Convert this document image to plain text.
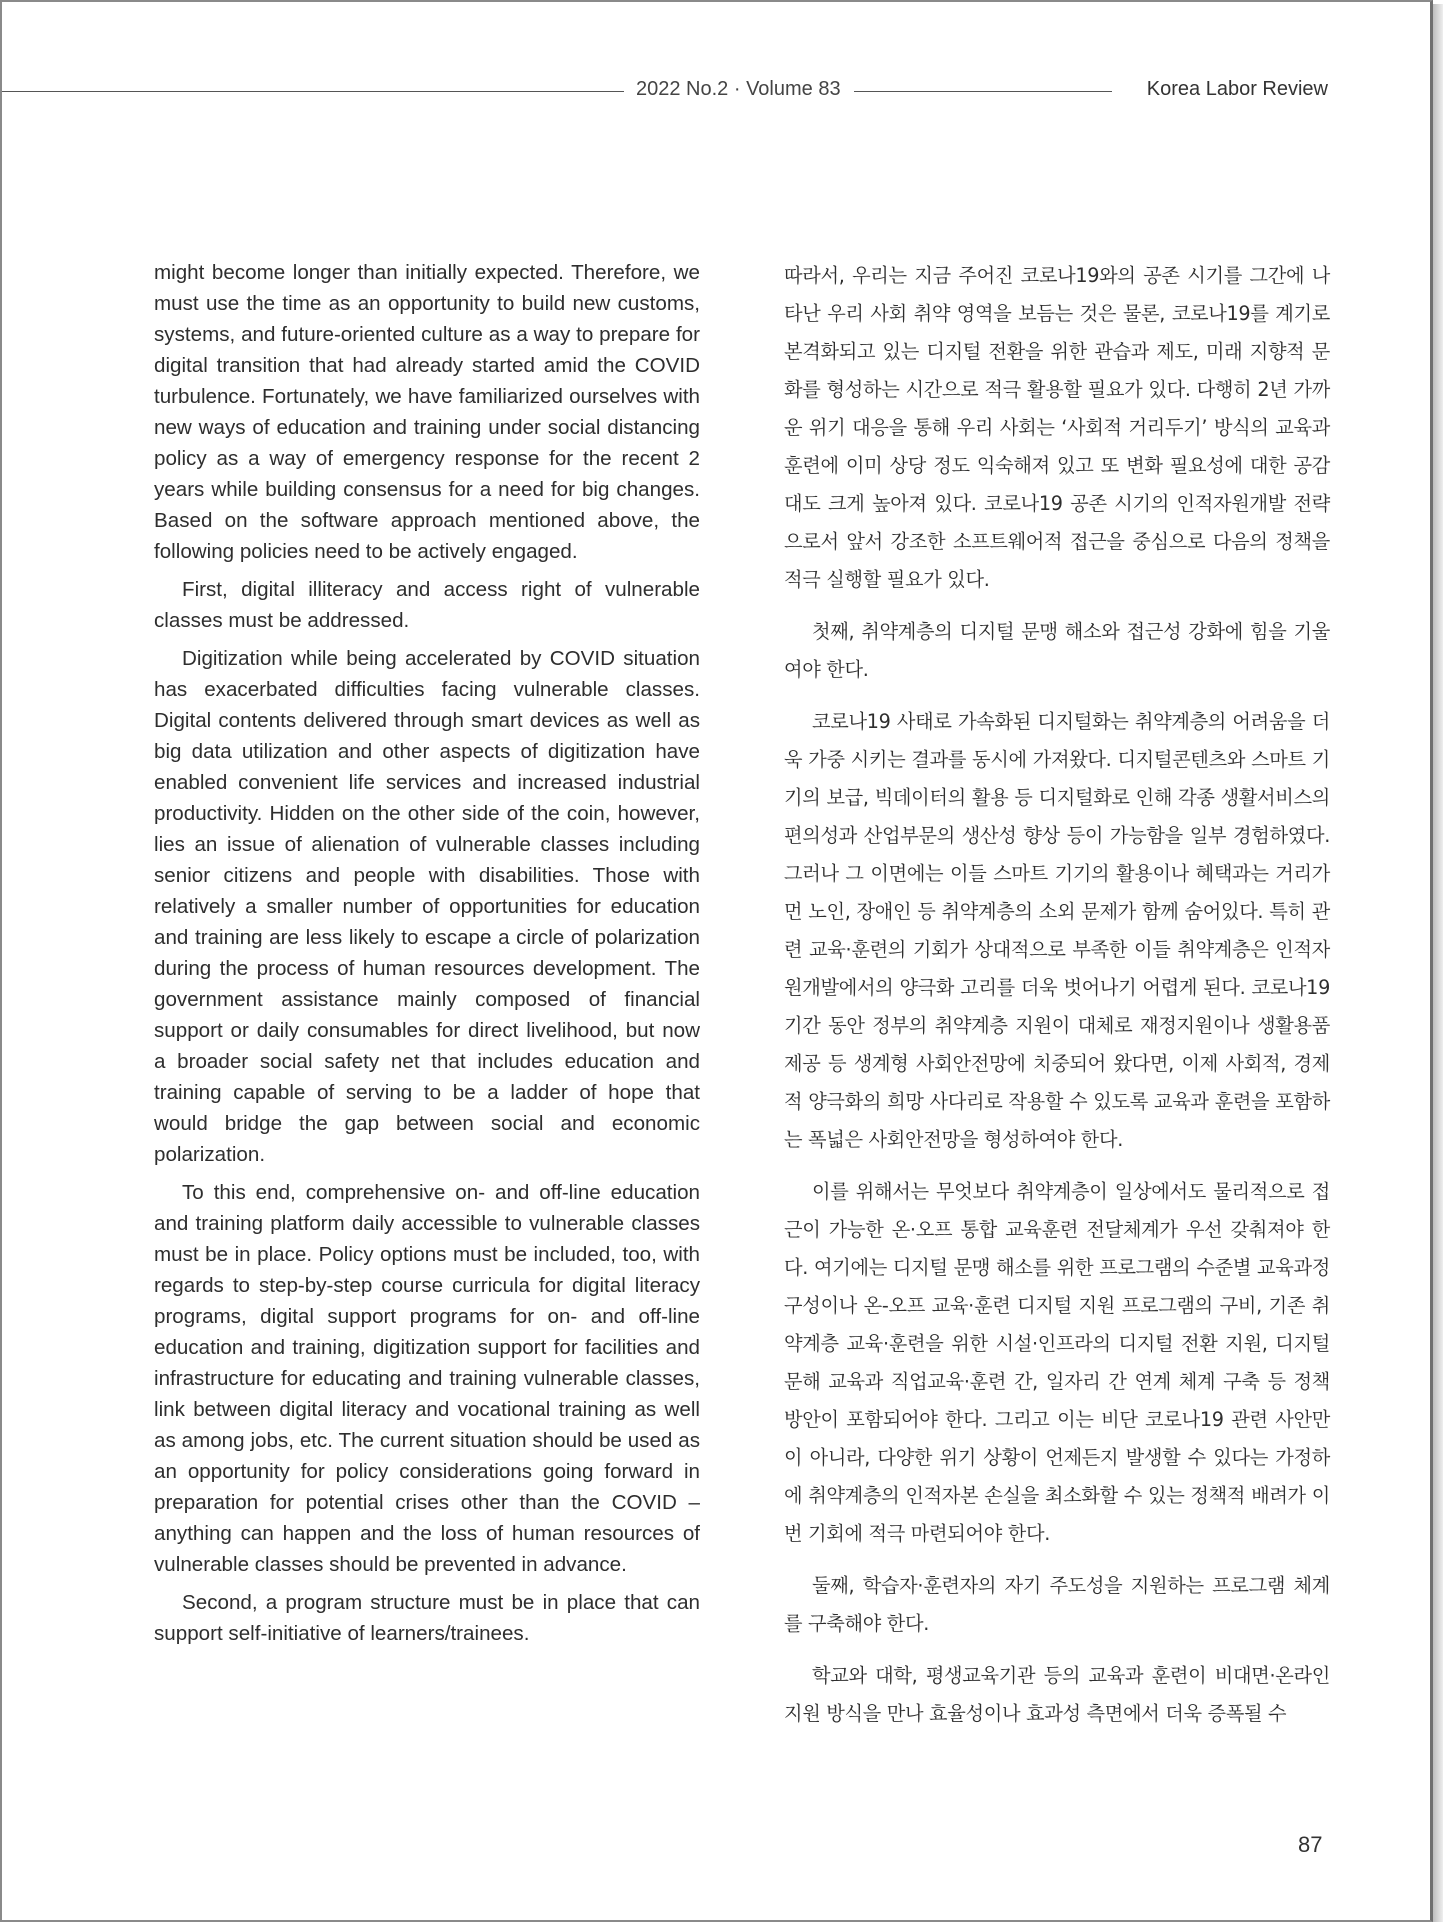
2022 No.2 · Volume 83	Korea Labor Review

might become longer than initially expected. Therefore, we must use the time as an opportunity to build new customs, systems, and future-oriented culture as a way to prepare for digital transition that had already started amid the COVID turbulence. Fortunately, we have familiarized ourselves with new ways of education and training under social distancing policy as a way of emergency response for the recent 2 years while building consensus for a need for big changes. Based on the software approach mentioned above, the following policies need to be actively engaged.

First, digital illiteracy and access right of vulnerable classes must be addressed.

Digitization while being accelerated by COVID situation has exacerbated difficulties facing vulnerable classes. Digital contents delivered through smart devices as well as big data utilization and other aspects of digitization have enabled convenient life services and increased industrial productivity. Hidden on the other side of the coin, however, lies an issue of alienation of vulnerable classes including senior citizens and people with disabilities. Those with relatively a smaller number of opportunities for education and training are less likely to escape a circle of polarization during the process of human resources development. The government assistance mainly composed of financial support or daily consumables for direct livelihood, but now a broader social safety net that includes education and training capable of serving to be a ladder of hope that would bridge the gap between social and economic polarization.

To this end, comprehensive on- and off-line education and training platform daily accessible to vulnerable classes must be in place. Policy options must be included, too, with regards to step-by-step course curricula for digital literacy programs, digital support programs for on- and off-line education and training, digitization support for facilities and infrastructure for educating and training vulnerable classes, link between digital literacy and vocational training as well as among jobs, etc. The current situation should be used as an opportunity for policy considerations going forward in preparation for potential crises other than the COVID – anything can happen and the loss of human resources of vulnerable classes should be prevented in advance.

Second, a program structure must be in place that can support self-initiative of learners/trainees.

따라서, 우리는 지금 주어진 코로나19와의 공존 시기를 그간에 나타난 우리 사회 취약 영역을 보듬는 것은 물론, 코로나19를 계기로 본격화되고 있는 디지털 전환을 위한 관습과 제도, 미래 지향적 문화를 형성하는 시간으로 적극 활용할 필요가 있다. 다행히 2년 가까운 위기 대응을 통해 우리 사회는 ‘사회적 거리두기’ 방식의 교육과 훈련에 이미 상당 정도 익숙해져 있고 또 변화 필요성에 대한 공감대도 크게 높아져 있다. 코로나19 공존 시기의 인적자원개발 전략으로서 앞서 강조한 소프트웨어적 접근을 중심으로 다음의 정책을 적극 실행할 필요가 있다.

첫째, 취약계층의 디지털 문맹 해소와 접근성 강화에 힘을 기울여야 한다.

코로나19 사태로 가속화된 디지털화는 취약계층의 어려움을 더욱 가중 시키는 결과를 동시에 가져왔다. 디지털콘텐츠와 스마트 기기의 보급, 빅데이터의 활용 등 디지털화로 인해 각종 생활서비스의 편의성과 산업부문의 생산성 향상 등이 가능함을 일부 경험하였다. 그러나 그 이면에는 이들 스마트 기기의 활용이나 혜택과는 거리가 먼 노인, 장애인 등 취약계층의 소외 문제가 함께 숨어있다. 특히 관련 교육·훈련의 기회가 상대적으로 부족한 이들 취약계층은 인적자원개발에서의 양극화 고리를 더욱 벗어나기 어렵게 된다. 코로나19 기간 동안 정부의 취약계층 지원이 대체로 재정지원이나 생활용품 제공 등 생계형 사회안전망에 치중되어 왔다면, 이제 사회적, 경제적 양극화의 희망 사다리로 작용할 수 있도록 교육과 훈련을 포함하는 폭넓은 사회안전망을 형성하여야 한다.

이를 위해서는 무엇보다 취약계층이 일상에서도 물리적으로 접근이 가능한 온·오프 통합 교육훈련 전달체계가 우선 갖춰져야 한다. 여기에는 디지털 문맹 해소를 위한 프로그램의 수준별 교육과정 구성이나 온-오프 교육·훈련 디지털 지원 프로그램의 구비, 기존 취약계층 교육·훈련을 위한 시설·인프라의 디지털 전환 지원, 디지털 문해 교육과 직업교육·훈련 간, 일자리 간 연계 체계 구축 등 정책 방안이 포함되어야 한다. 그리고 이는 비단 코로나19 관련 사안만이 아니라, 다양한 위기 상황이 언제든지 발생할 수 있다는 가정하에 취약계층의 인적자본 손실을 최소화할 수 있는 정책적 배려가 이번 기회에 적극 마련되어야 한다.

둘째, 학습자·훈련자의 자기 주도성을 지원하는 프로그램 체계를 구축해야 한다.

학교와 대학, 평생교육기관 등의 교육과 훈련이 비대면·온라인 지원 방식을 만나 효율성이나 효과성 측면에서 더욱 증폭될 수

87
